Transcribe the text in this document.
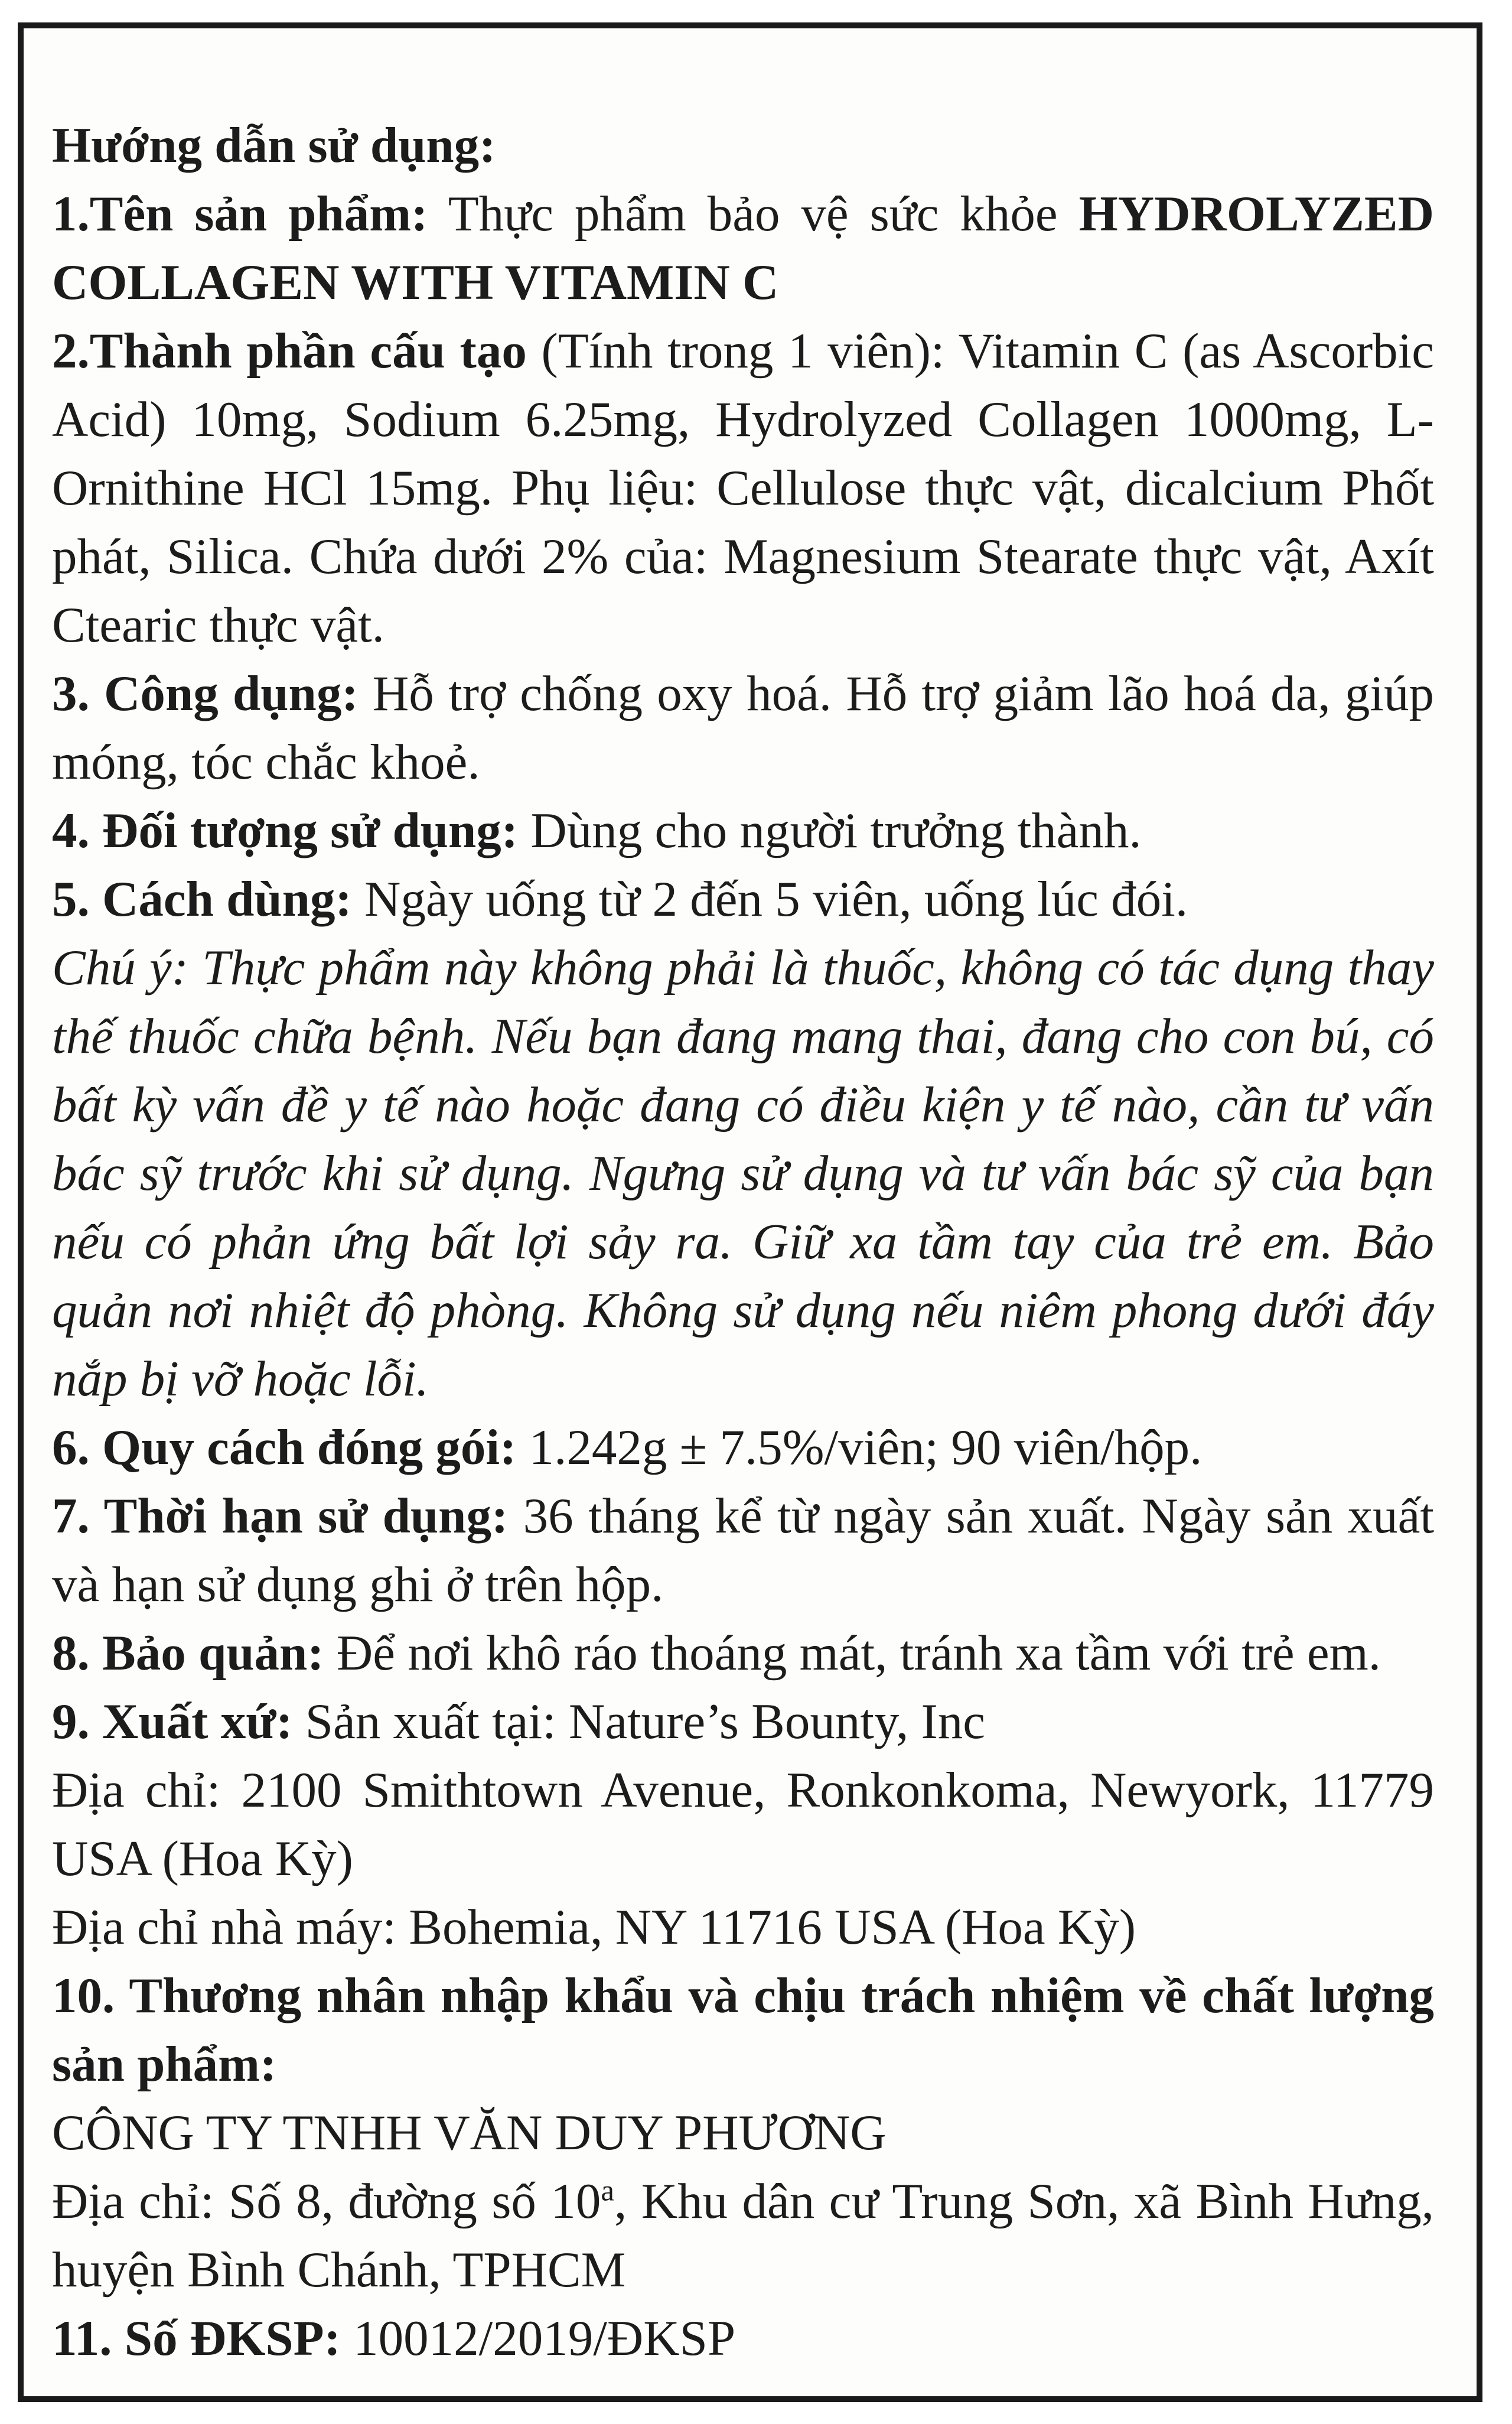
Hướng dẫn sử dụng:

1.Tên sản phẩm: Thực phẩm bảo vệ sức khỏe HYDROLYZED COLLAGEN WITH VITAMIN C

2.Thành phần cấu tạo (Tính trong 1 viên): Vitamin C (as Ascorbic Acid) 10mg, Sodium 6.25mg, Hydrolyzed Collagen 1000mg, L-Ornithine HCl 15mg. Phụ liệu: Cellulose thực vật, dicalcium Phốt phát, Silica. Chứa dưới 2% của: Magnesium Stearate thực vật, Axít Ctearic thực vật.

3. Công dụng: Hỗ trợ chống oxy hoá. Hỗ trợ giảm lão hoá da, giúp móng, tóc chắc khoẻ.

4. Đối tượng sử dụng: Dùng cho người trưởng thành.

5. Cách dùng: Ngày uống từ 2 đến 5 viên, uống lúc đói.

Chú ý: Thực phẩm này không phải là thuốc, không có tác dụng thay thế thuốc chữa bệnh. Nếu bạn đang mang thai, đang cho con bú, có bất kỳ vấn đề y tế nào hoặc đang có điều kiện y tế nào, cần tư vấn bác sỹ trước khi sử dụng. Ngưng sử dụng và tư vấn bác sỹ của bạn nếu có phản ứng bất lợi sảy ra. Giữ xa tầm tay của trẻ em. Bảo quản nơi nhiệt độ phòng. Không sử dụng nếu niêm phong dưới đáy nắp bị vỡ hoặc lỗi.

6. Quy cách đóng gói: 1.242g ± 7.5%/viên; 90 viên/hộp.

7. Thời hạn sử dụng: 36 tháng kể từ ngày sản xuất. Ngày sản xuất và hạn sử dụng ghi ở trên hộp.

8. Bảo quản: Để nơi khô ráo thoáng mát, tránh xa tầm với trẻ em.

9. Xuất xứ: Sản xuất tại: Nature’s Bounty, Inc

Địa chỉ: 2100 Smithtown Avenue, Ronkonkoma, Newyork, 11779 USA (Hoa Kỳ)

Địa chỉ nhà máy: Bohemia, NY 11716 USA (Hoa Kỳ)

10. Thương nhân nhập khẩu và chịu trách nhiệm về chất lượng sản phẩm:

CÔNG TY TNHH VĂN DUY PHƯƠNG

Địa chỉ: Số 8, đường số 10$^a$, Khu dân cư Trung Sơn, xã Bình Hưng, huyện Bình Chánh, TPHCM

11. Số ĐKSP: 10012/2019/ĐKSP
